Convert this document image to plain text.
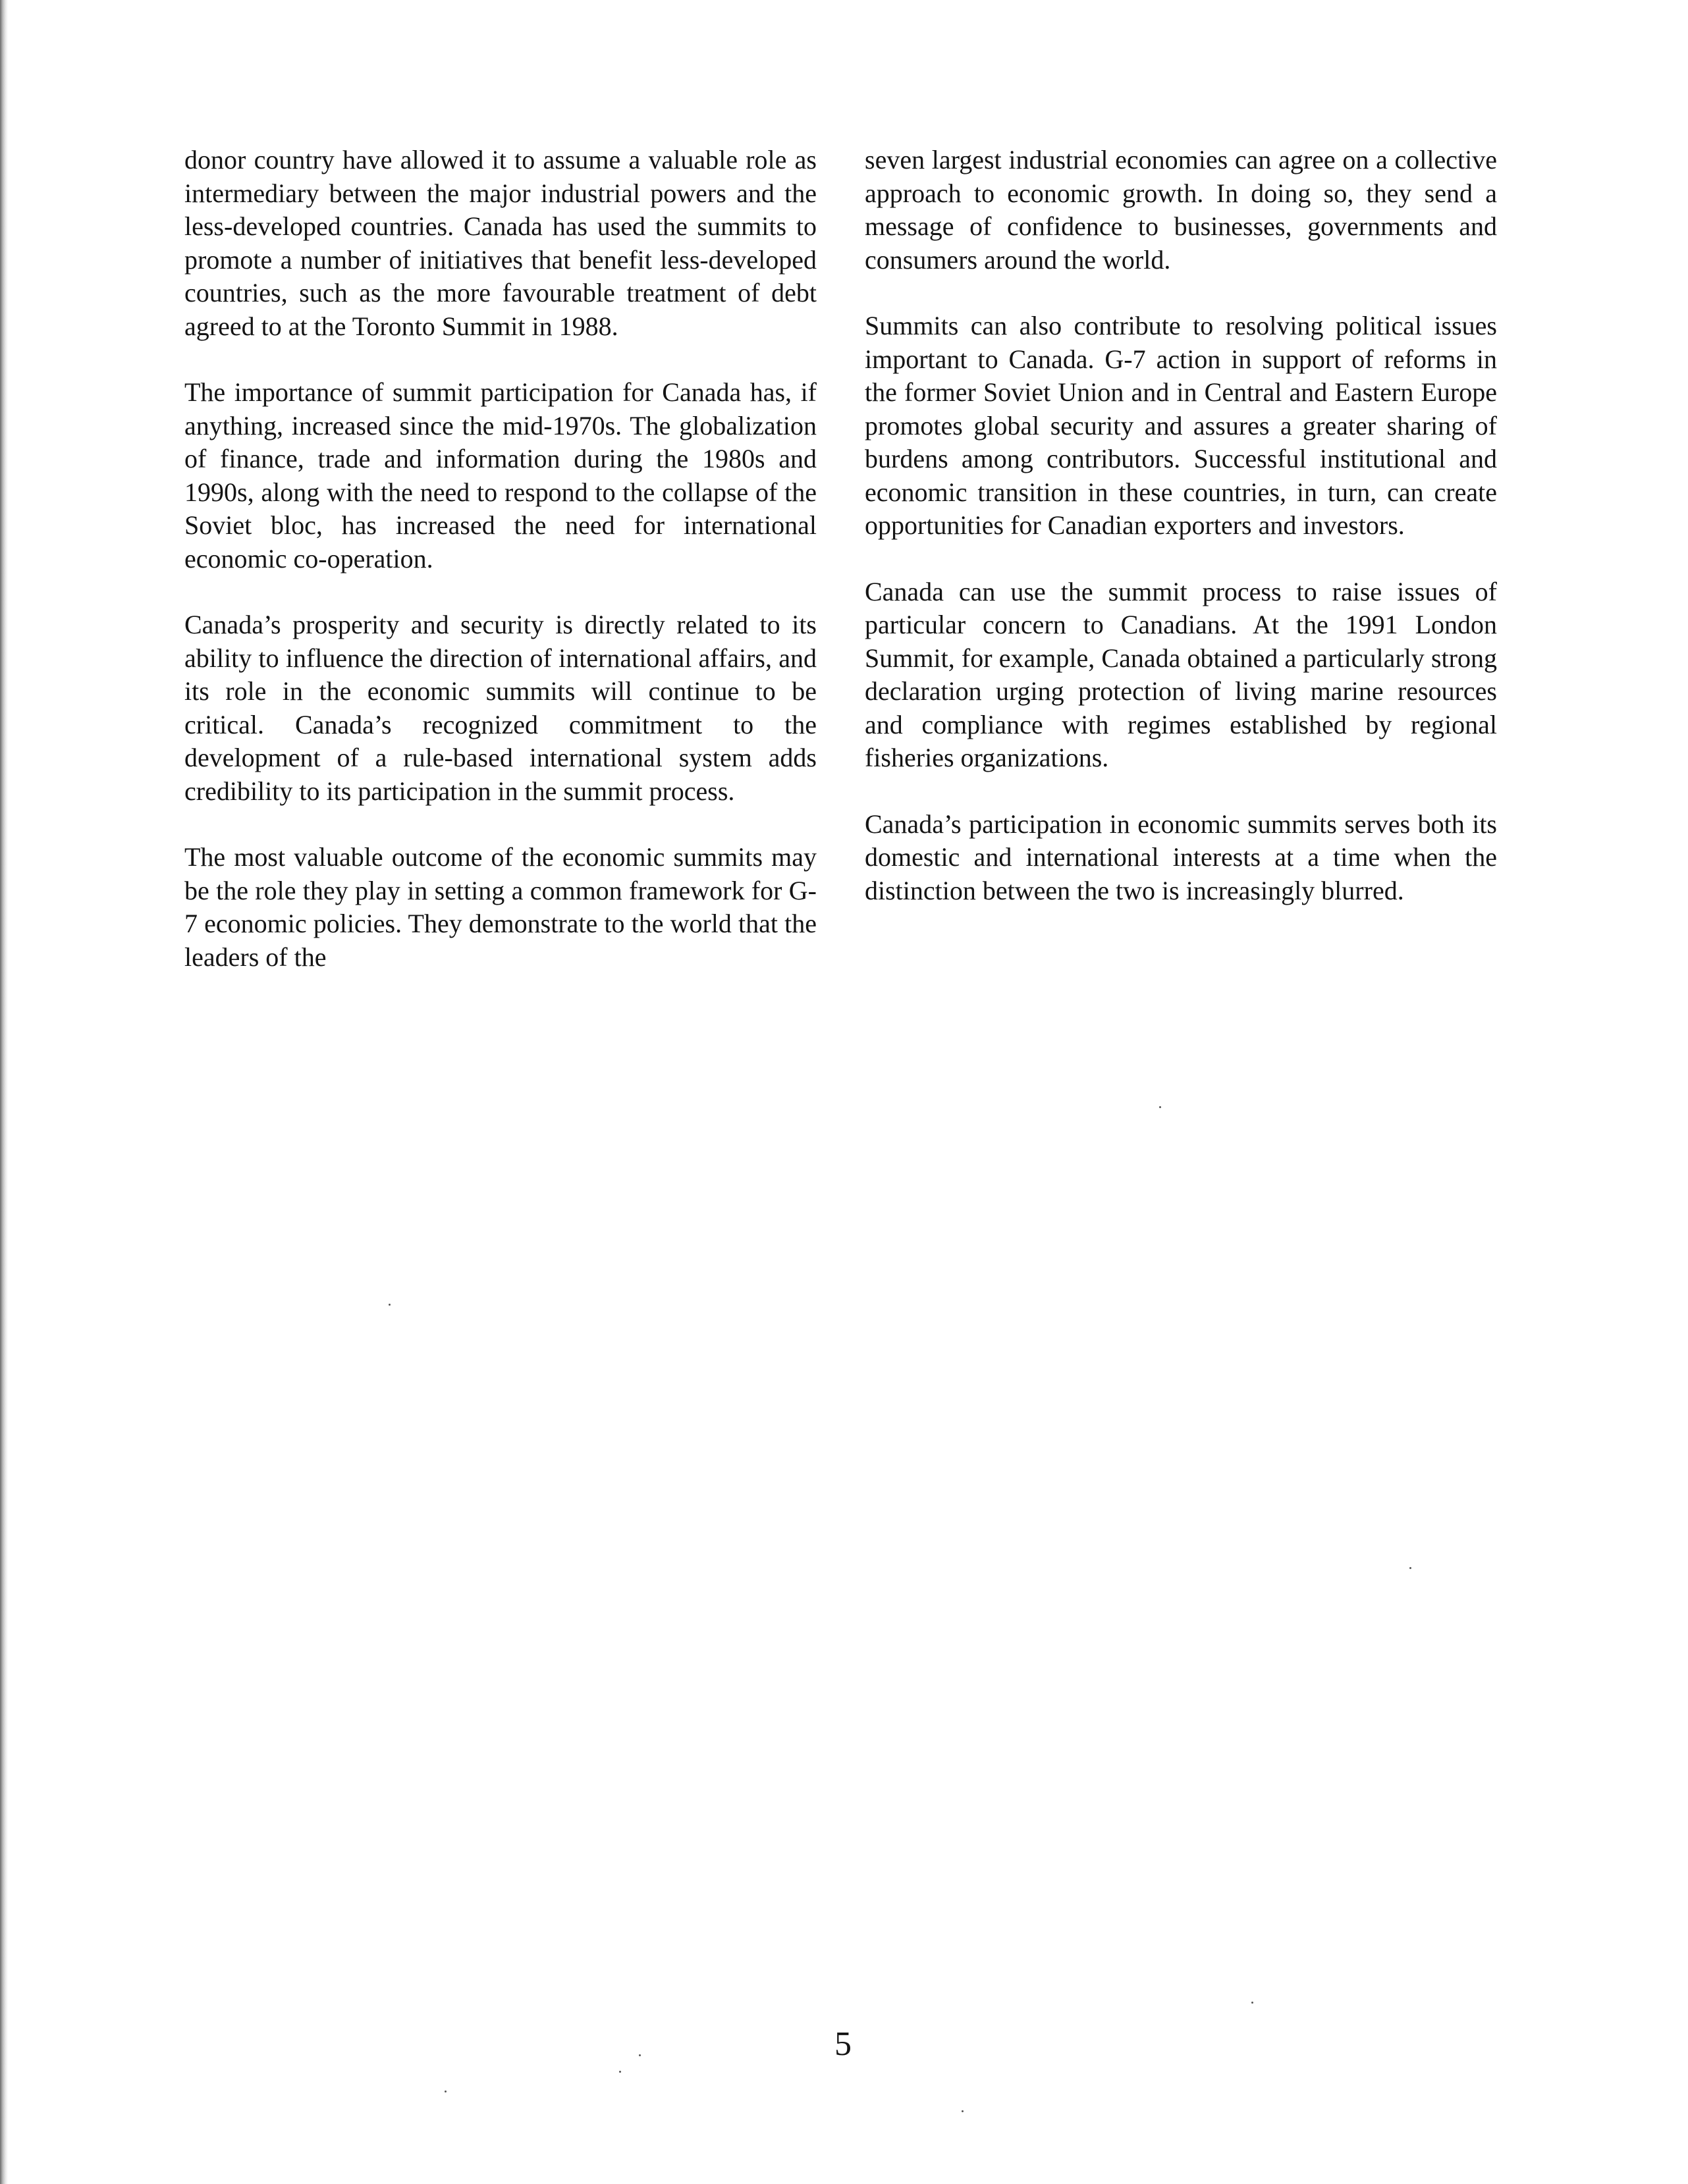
donor country have allowed it to assume a valuable role as intermediary between the major industrial powers and the less-developed countries. Canada has used the summits to promote a number of initiatives that benefit less-developed countries, such as the more favourable treatment of debt agreed to at the Toronto Summit in 1988.

The importance of summit participation for Canada has, if anything, increased since the mid-1970s. The globalization of finance, trade and information during the 1980s and 1990s, along with the need to respond to the collapse of the Soviet bloc, has increased the need for international economic co-operation.

Canada’s prosperity and security is directly related to its ability to influence the direction of international affairs, and its role in the economic summits will continue to be critical. Canada’s recognized commitment to the development of a rule-based international system adds credibility to its participation in the summit process.

The most valuable outcome of the economic summits may be the role they play in setting a common framework for G-7 economic policies. They demonstrate to the world that the leaders of the

seven largest industrial economies can agree on a collective approach to economic growth. In doing so, they send a message of confidence to businesses, governments and consumers around the world.

Summits can also contribute to resolving political issues important to Canada. G-7 action in support of reforms in the former Soviet Union and in Central and Eastern Europe promotes global security and assures a greater sharing of burdens among contributors. Successful institutional and economic transition in these countries, in turn, can create opportunities for Canadian exporters and investors.

Canada can use the summit process to raise issues of particular concern to Canadians. At the 1991 London Summit, for example, Canada obtained a particularly strong declaration urging protection of living marine resources and compliance with regimes established by regional fisheries organizations.

Canada’s participation in economic summits serves both its domestic and international interests at a time when the distinction between the two is increasingly blurred.

5
